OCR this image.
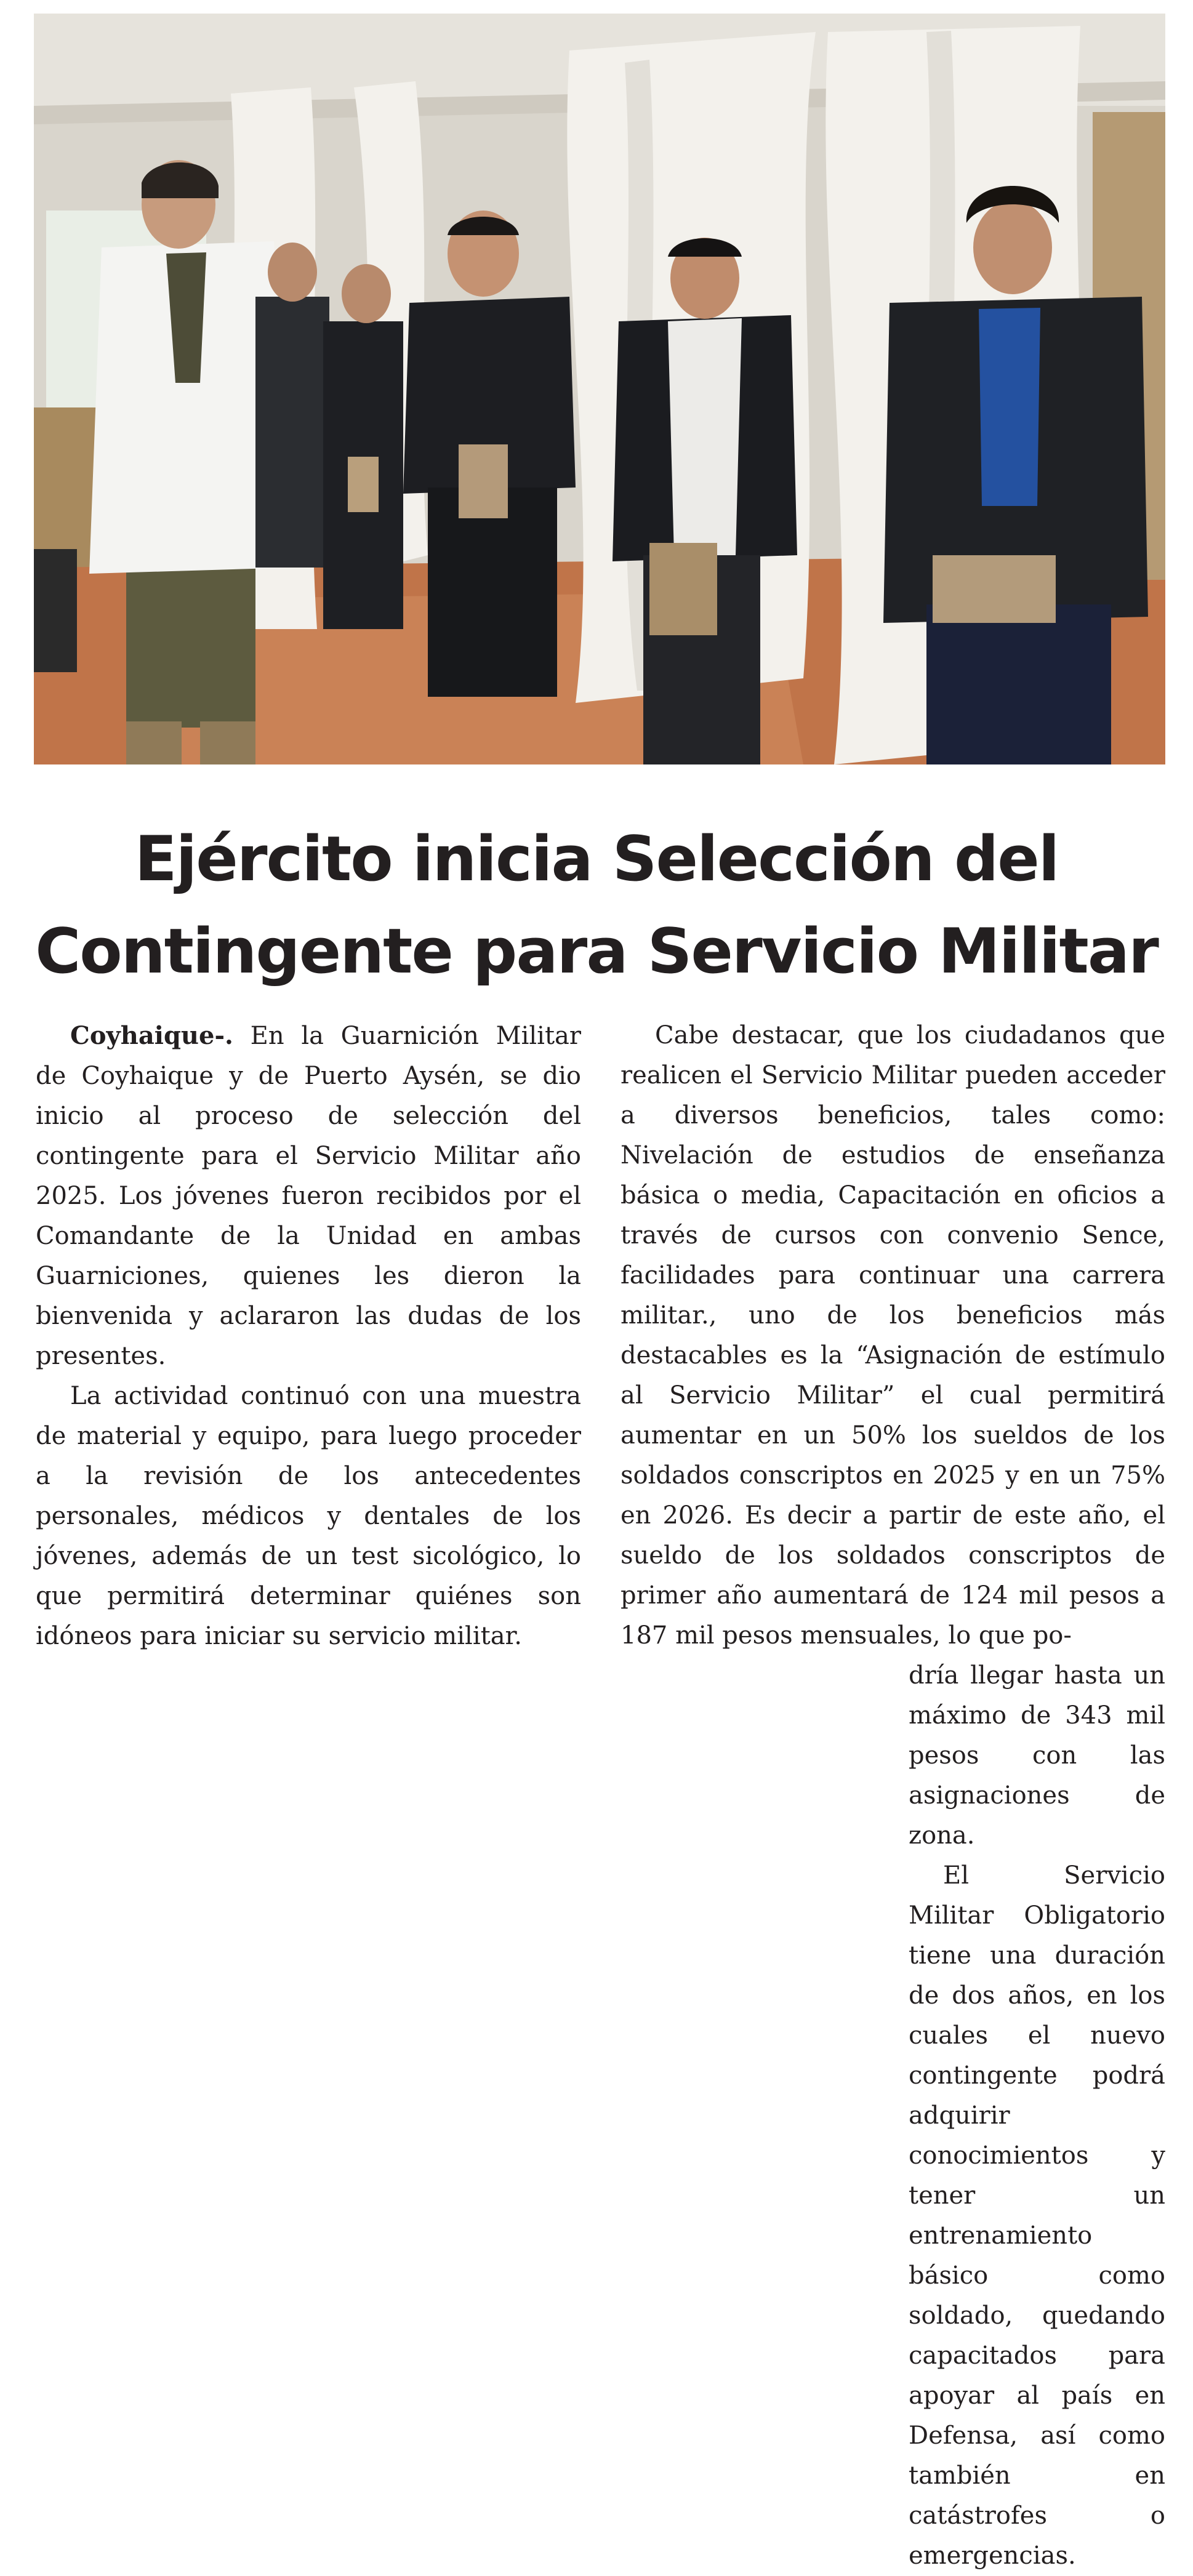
Ejército inicia Selección del
Contingente para Servicio Militar

Coyhaique-. En la Guarnición Militar de Coyhaique y de Puerto Aysén, se dio inicio al proceso de selección del contingente para el Servicio Militar año 2025. Los jóvenes fueron recibidos por el Comandante de la Unidad en ambas Guarniciones, quienes les dieron la bienvenida y aclararon las dudas de los presentes.

La actividad continuó con una muestra de material y equipo, para luego proceder a la revisión de los antecedentes personales, médicos y dentales de los jóvenes, además de un test sicológico, lo que permitirá determinar quiénes son idóneos para iniciar su servicio militar.

Cabe destacar, que los ciudadanos que realicen el Servicio Militar pueden acceder a diversos beneficios, tales como: Nivelación de estudios de enseñanza básica o media, Capacitación en oficios a través de cursos con convenio Sence, facilidades para continuar una carrera militar., uno de los beneficios más destacables es la “Asignación de estímulo al Servicio Militar” el cual permitirá aumentar en un 50% los sueldos de los soldados conscriptos en 2025 y en un 75% en 2026. Es decir a partir de este año, el sueldo de los soldados conscriptos de primer año aumentará de 124 mil pesos a 187 mil pesos mensuales, lo que po-

dría llegar hasta un máximo de 343 mil pesos con las asignaciones de zona.

El Servicio Militar Obligatorio tiene una duración de dos años, en los cuales el nuevo contingente podrá adquirir conocimientos y tener un entrenamiento básico como soldado, quedando capacitados para apoyar al país en Defensa, así como también en catástrofes o emergencias.
